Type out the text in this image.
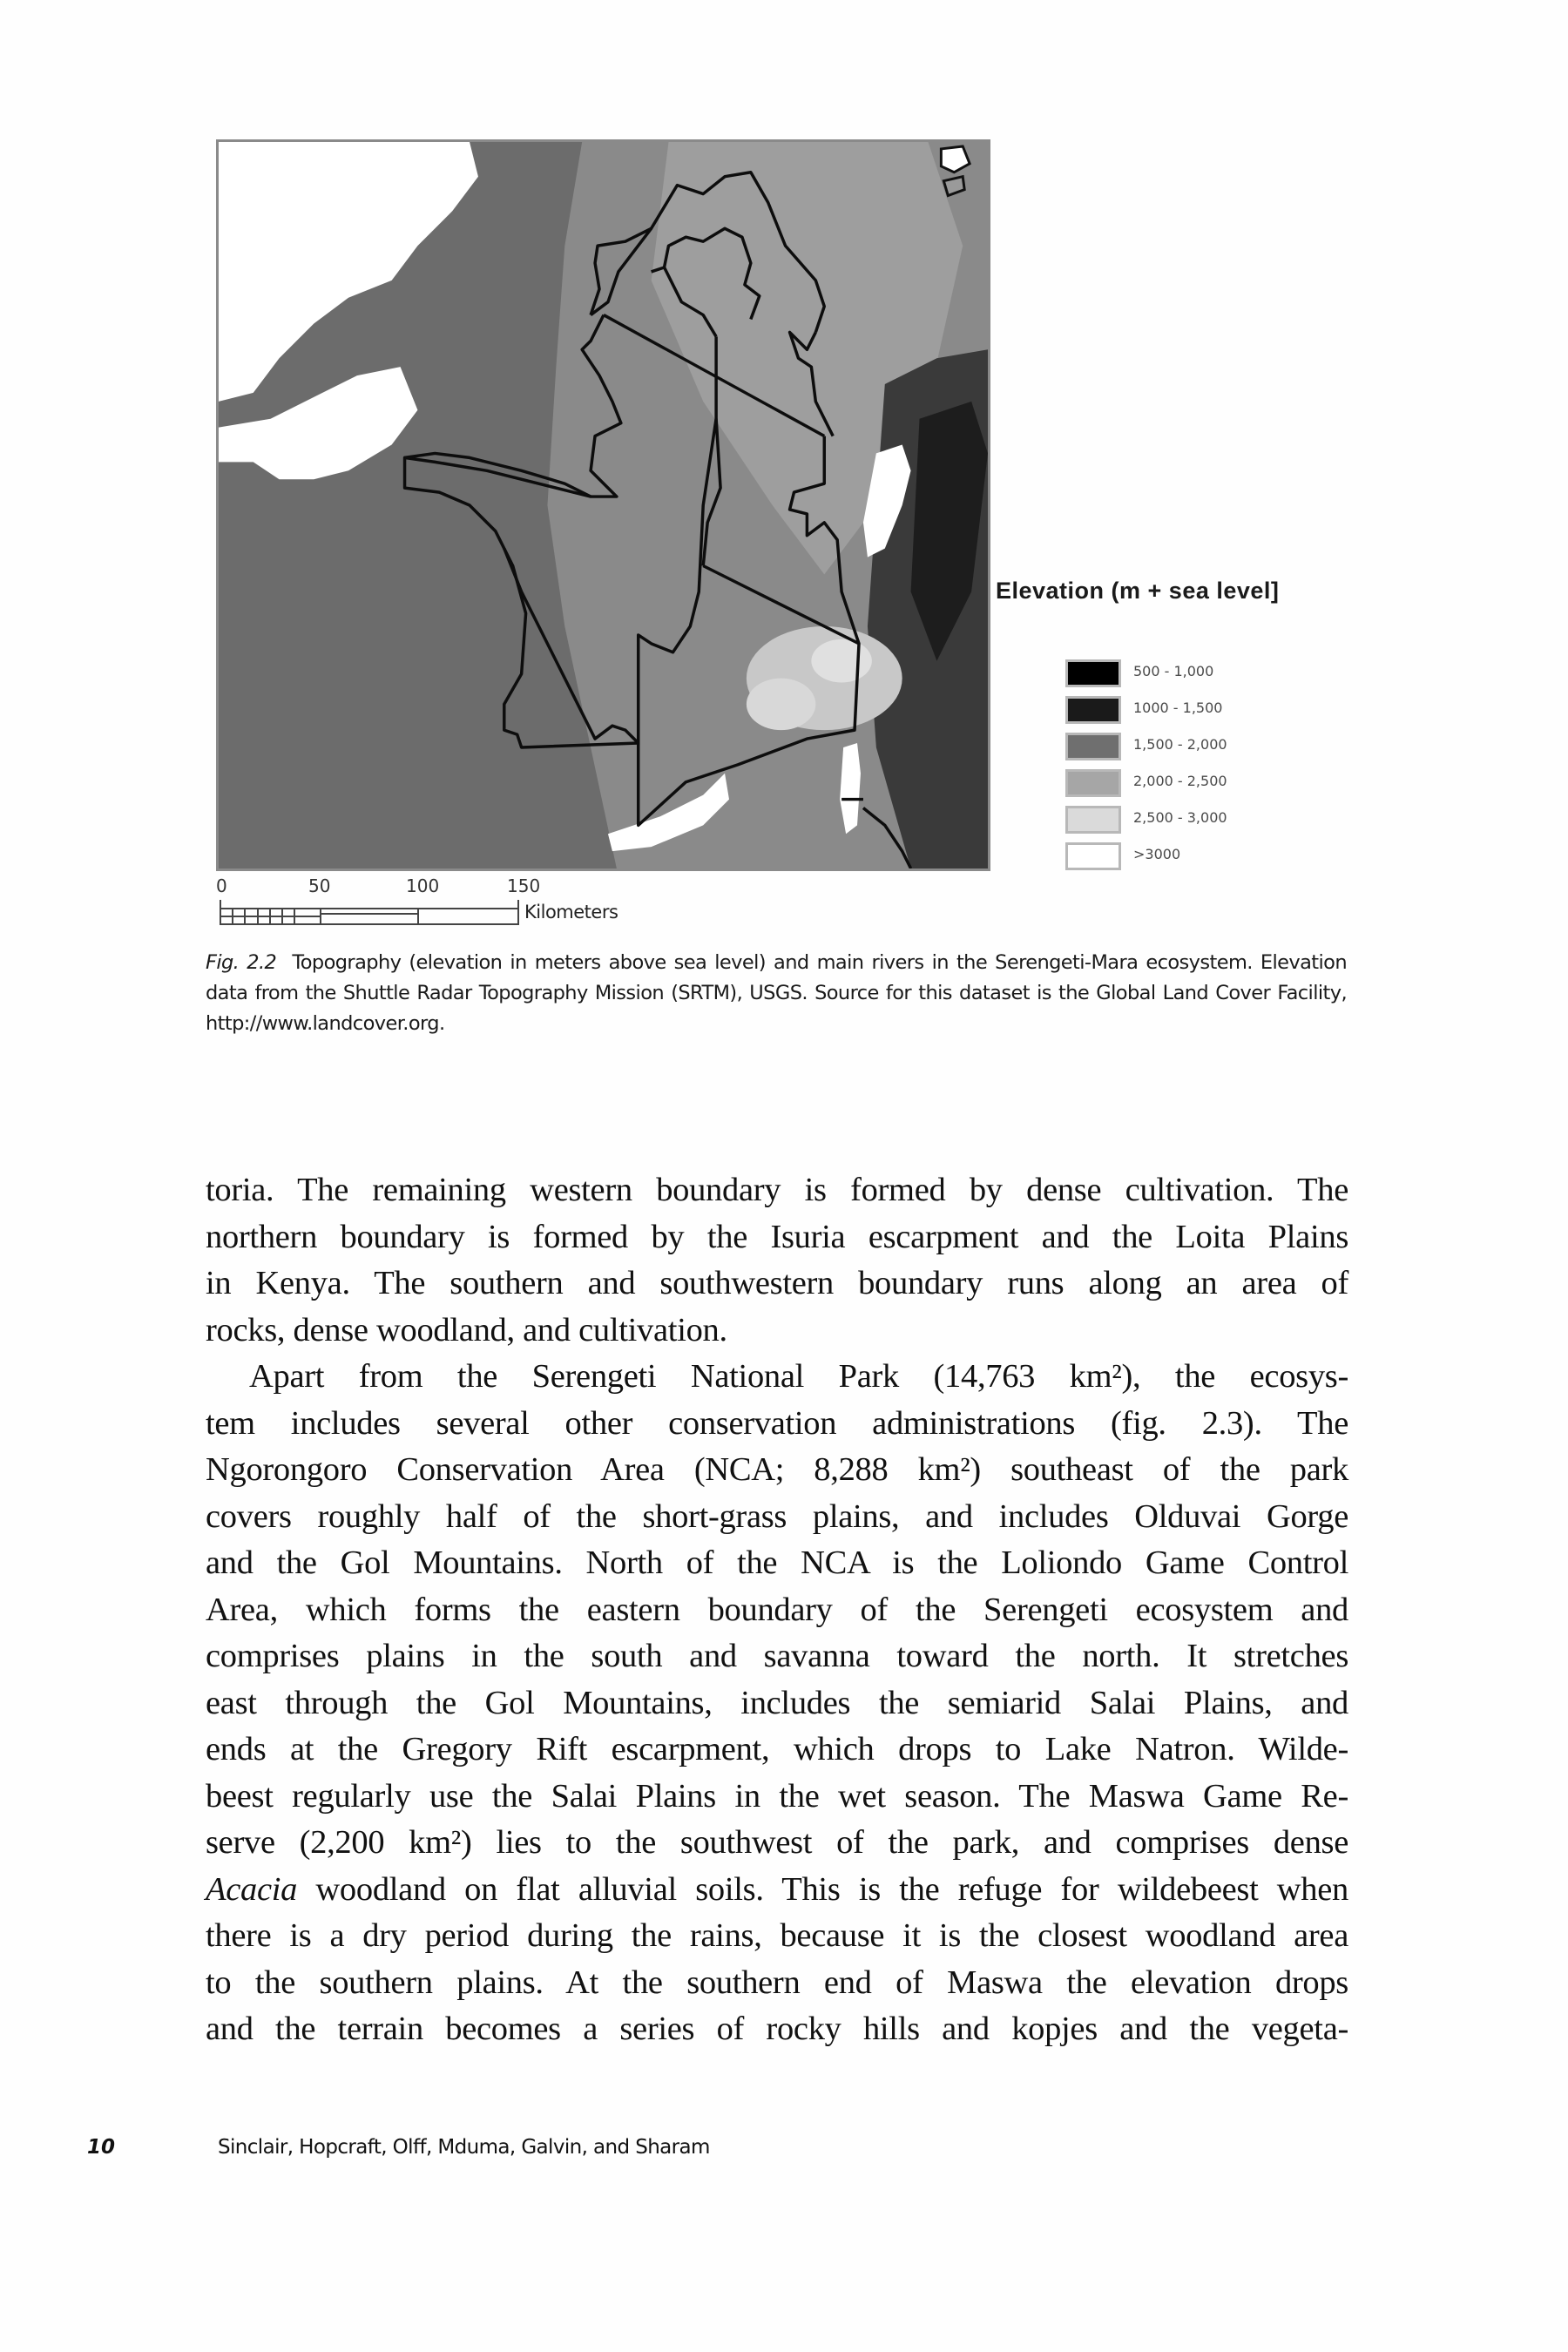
Elevation (m + sea level]
500 - 1,000
1000 - 1,500
1,500 - 2,000
2,000 - 2,500
2,500 - 3,000
>3000
0	50	100	150
Kilometers
Fig. 2.2 Topography (elevation in meters above sea level) and main rivers in the Serengeti-Mara ecosystem. Elevation data from the Shuttle Radar Topography Mission (SRTM), USGS. Source for this dataset is the Global Land Cover Facility, http://www.landcover.org.
toria. The remaining western boundary is formed by dense cultivation. The
northern boundary is formed by the Isuria escarpment and the Loita Plains
in Kenya. The southern and southwestern boundary runs along an area of
rocks, dense woodland, and cultivation.
Apart from the Serengeti National Park (14,763 km²), the ecosys-
tem includes several other conservation administrations (fig. 2.3). The
Ngorongoro Conservation Area (NCA; 8,288 km²) southeast of the park
covers roughly half of the short-grass plains, and includes Olduvai Gorge
and the Gol Mountains. North of the NCA is the Loliondo Game Control
Area, which forms the eastern boundary of the Serengeti ecosystem and
comprises plains in the south and savanna toward the north. It stretches
east through the Gol Mountains, includes the semiarid Salai Plains, and
ends at the Gregory Rift escarpment, which drops to Lake Natron. Wilde-
beest regularly use the Salai Plains in the wet season. The Maswa Game Re-
serve (2,200 km²) lies to the southwest of the park, and comprises dense
Acacia woodland on flat alluvial soils. This is the refuge for wildebeest when
there is a dry period during the rains, because it is the closest woodland area
to the southern plains. At the southern end of Maswa the elevation drops
and the terrain becomes a series of rocky hills and kopjes and the vegeta-
10	Sinclair, Hopcraft, Olff, Mduma, Galvin, and Sharam
